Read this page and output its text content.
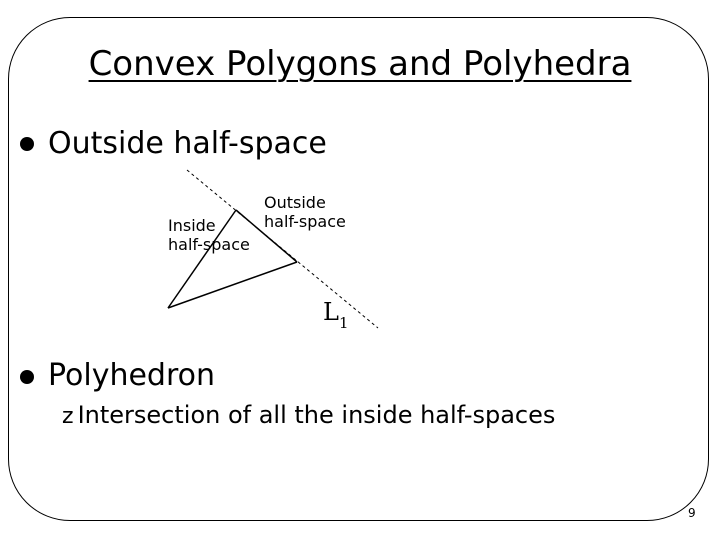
Convex Polygons and Polyhedra
Outside half-space
Inside
half-space
Outside
half-space
$L_1$
Polyhedron
z Intersection of all the inside half-spaces
9
